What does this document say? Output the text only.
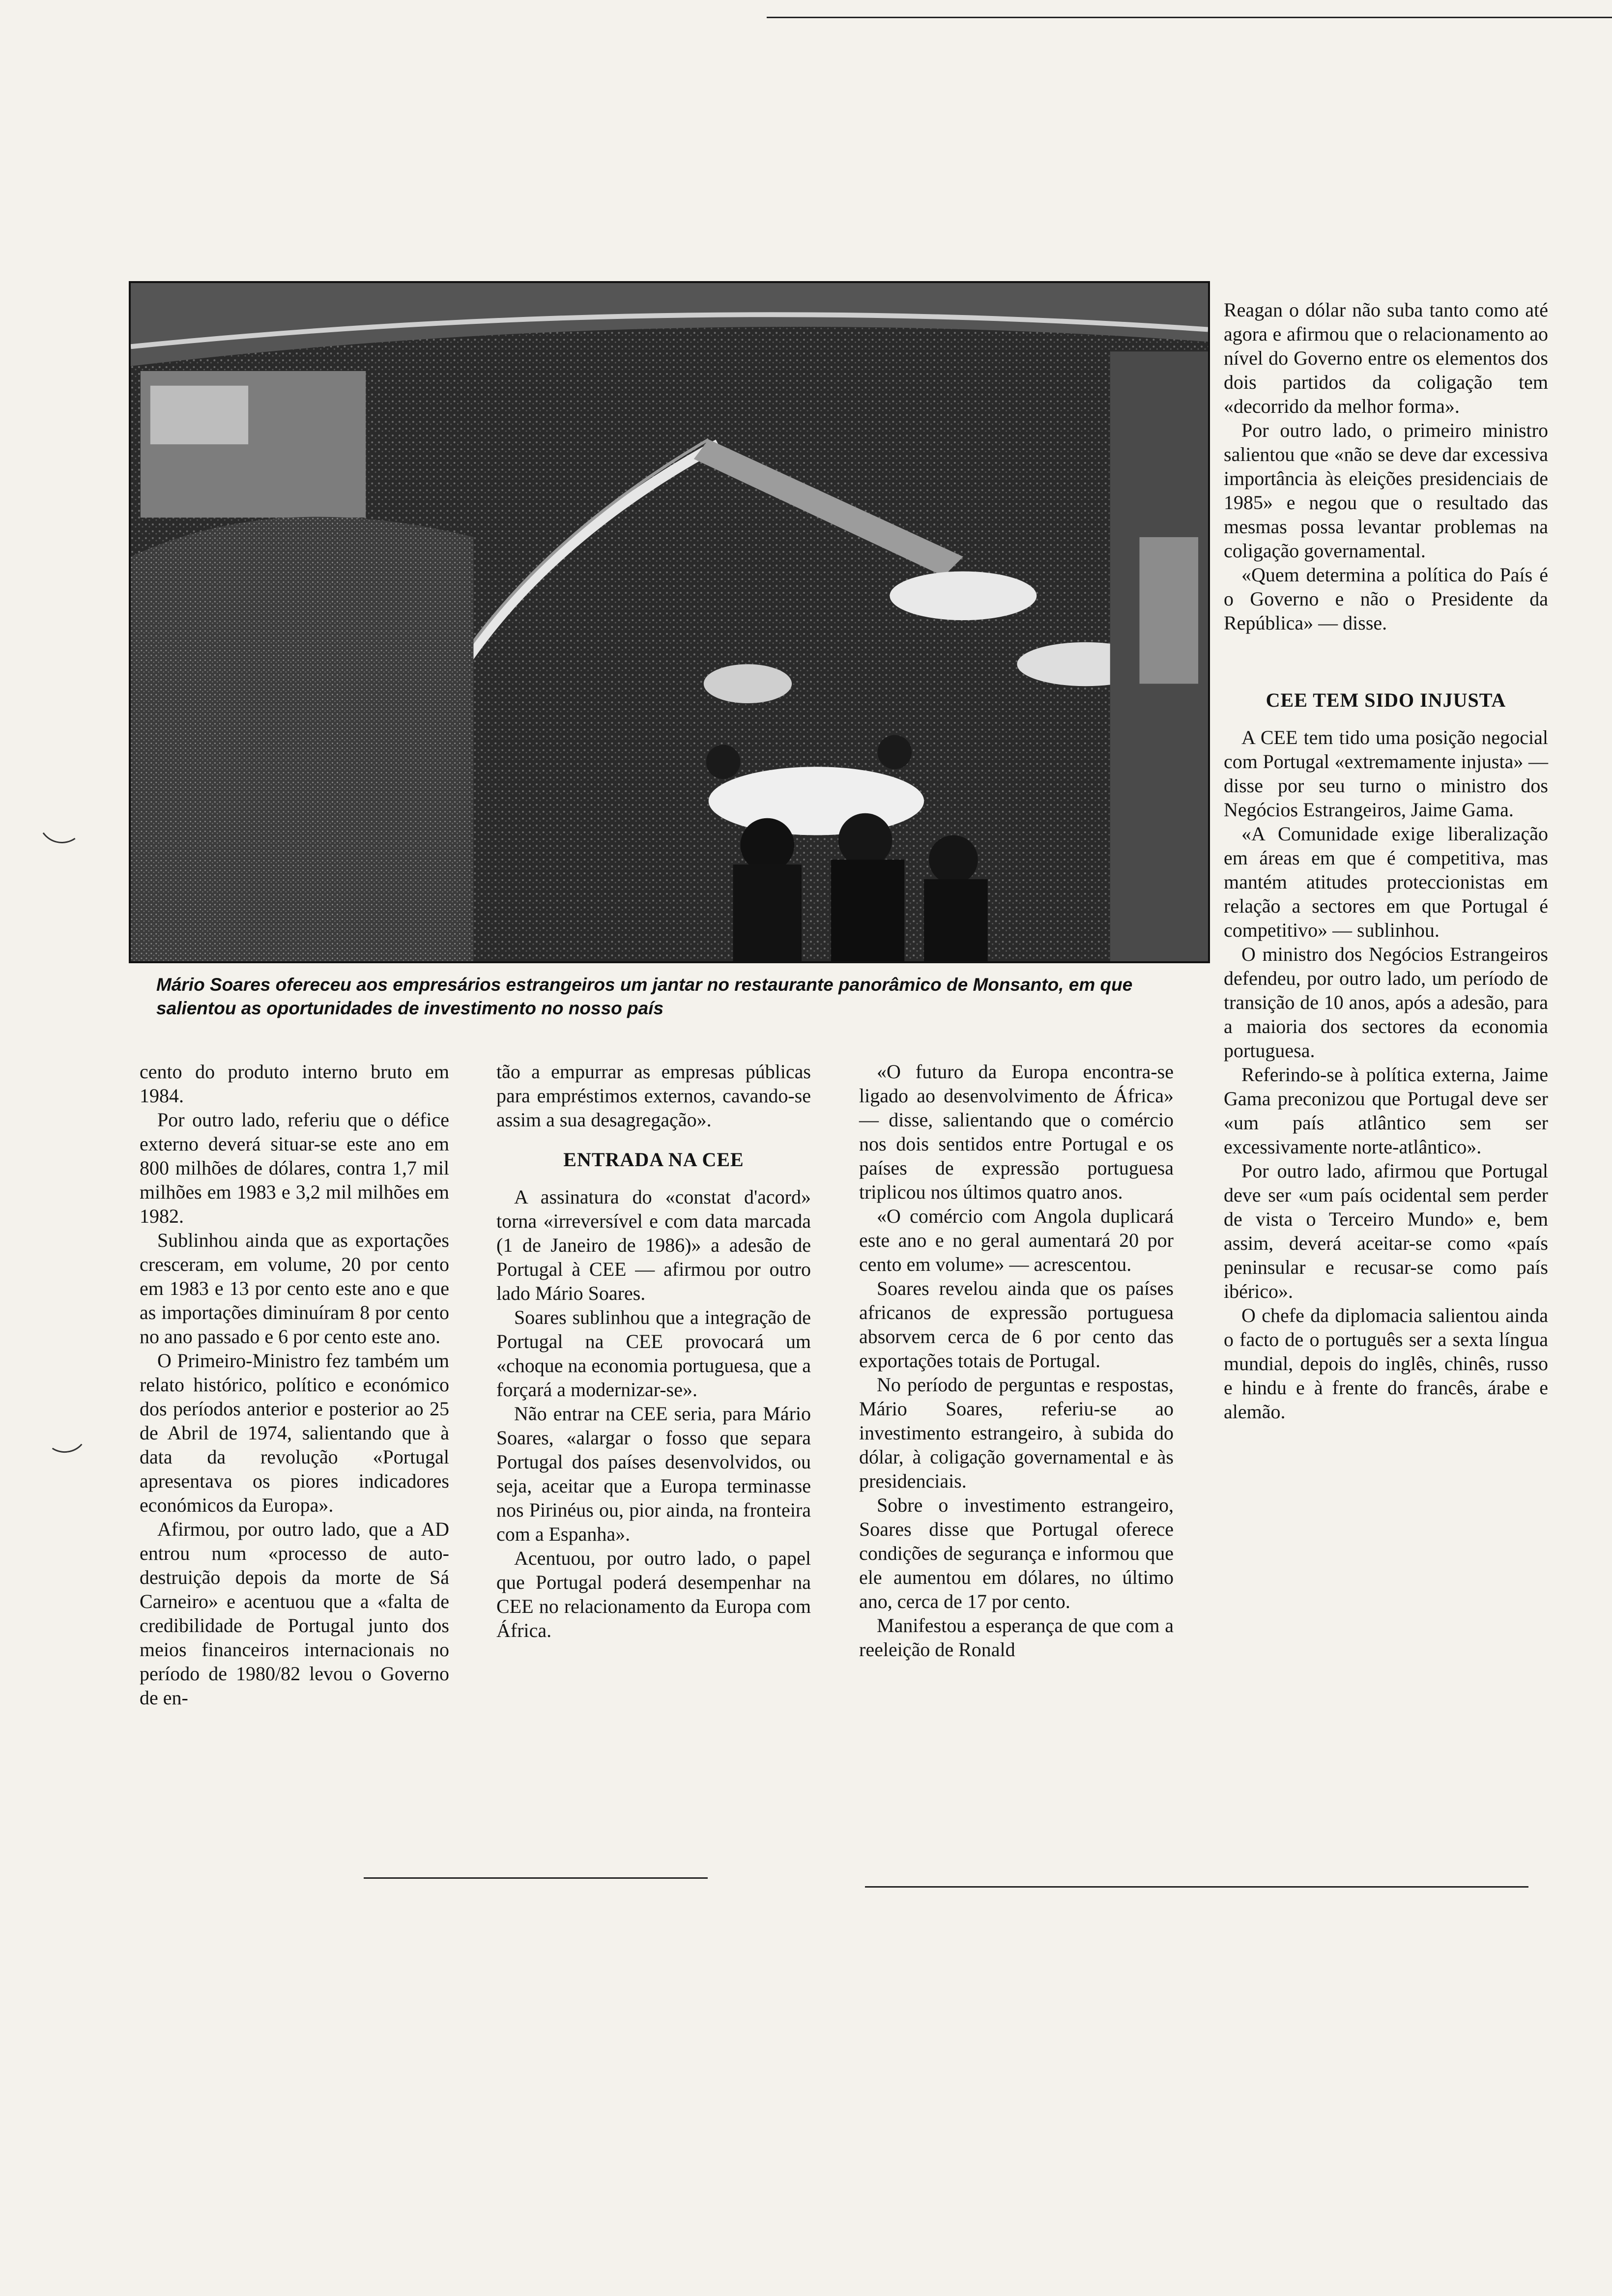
Mário Soares ofereceu aos empresários estrangeiros um jantar no restaurante panorâmico de Monsanto, em que salientou as oportunidades de investimento no nosso país

cento do produto interno bruto em 1984.

Por outro lado, referiu que o défice externo deverá situar-se este ano em 800 milhões de dólares, contra 1,7 mil milhões em 1983 e 3,2 mil milhões em 1982.

Sublinhou ainda que as exportações cresceram, em volume, 20 por cento em 1983 e 13 por cento este ano e que as importações diminuíram 8 por cento no ano passado e 6 por cento este ano.

O Primeiro-Ministro fez também um relato histórico, político e económico dos períodos anterior e posterior ao 25 de Abril de 1974, salientando que à data da revolução «Portugal apresentava os piores indicadores económicos da Europa».

Afirmou, por outro lado, que a AD entrou num «processo de auto-destruição depois da morte de Sá Carneiro» e acentuou que a «falta de credibilidade de Portugal junto dos meios financeiros internacionais no período de 1980/82 levou o Governo de en-

tão a empurrar as empresas públicas para empréstimos externos, cavando-se assim a sua desagregação».

ENTRADA NA CEE

A assinatura do «constat d'acord» torna «irreversível e com data marcada (1 de Janeiro de 1986)» a adesão de Portugal à CEE — afirmou por outro lado Mário Soares.

Soares sublinhou que a integração de Portugal na CEE provocará um «choque na economia portuguesa, que a forçará a modernizar-se».

Não entrar na CEE seria, para Mário Soares, «alargar o fosso que separa Portugal dos países desenvolvidos, ou seja, aceitar que a Europa terminasse nos Pirinéus ou, pior ainda, na fronteira com a Espanha».

Acentuou, por outro lado, o papel que Portugal poderá desempenhar na CEE no relacionamento da Europa com África.

«O futuro da Europa encontra-se ligado ao desenvolvimento de África» — disse, salientando que o comércio nos dois sentidos entre Portugal e os países de expressão portuguesa triplicou nos últimos quatro anos.

«O comércio com Angola duplicará este ano e no geral aumentará 20 por cento em volume» — acrescentou.

Soares revelou ainda que os países africanos de expressão portuguesa absorvem cerca de 6 por cento das exportações totais de Portugal.

No período de perguntas e respostas, Mário Soares, referiu-se ao investimento estrangeiro, à subida do dólar, à coligação governamental e às presidenciais.

Sobre o investimento estrangeiro, Soares disse que Portugal oferece condições de segurança e informou que ele aumentou em dólares, no último ano, cerca de 17 por cento.

Manifestou a esperança de que com a reeleição de Ronald

Reagan o dólar não suba tanto como até agora e afirmou que o relacionamento ao nível do Governo entre os elementos dos dois partidos da coligação tem «decorrido da melhor forma».

Por outro lado, o primeiro ministro salientou que «não se deve dar excessiva importância às eleições presidenciais de 1985» e negou que o resultado das mesmas possa levantar problemas na coligação governamental.

«Quem determina a política do País é o Governo e não o Presidente da República» — disse.

CEE TEM SIDO INJUSTA

A CEE tem tido uma posição negocial com Portugal «extremamente injusta» — disse por seu turno o ministro dos Negócios Estrangeiros, Jaime Gama.

«A Comunidade exige liberalização em áreas em que é competitiva, mas mantém atitudes proteccionistas em relação a sectores em que Portugal é competitivo» — sublinhou.

O ministro dos Negócios Estrangeiros defendeu, por outro lado, um período de transição de 10 anos, após a adesão, para a maioria dos sectores da economia portuguesa.

Referindo-se à política externa, Jaime Gama preconizou que Portugal deve ser «um país atlântico sem ser excessivamente norte-atlântico».

Por outro lado, afirmou que Portugal deve ser «um país ocidental sem perder de vista o Terceiro Mundo» e, bem assim, deverá aceitar-se como «país peninsular e recusar-se como país ibérico».

O chefe da diplomacia salientou ainda o facto de o português ser a sexta língua mundial, depois do inglês, chinês, russo e hindu e à frente do francês, árabe e alemão.
